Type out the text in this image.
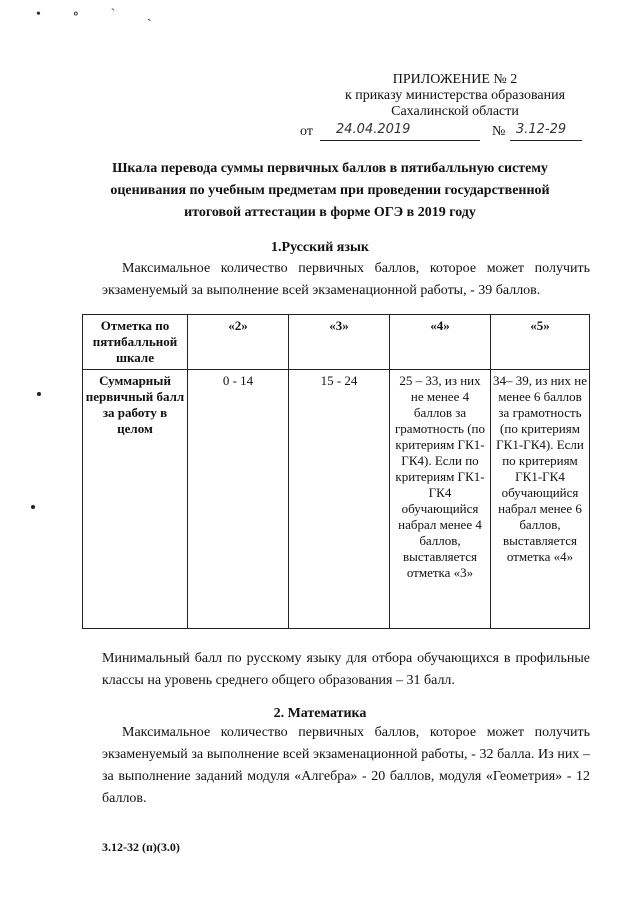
• ∘ ˋ ˏ
ПРИЛОЖЕНИЕ № 2
к приказу министерства образования
Сахалинской области
от 24.04.2019	№ 3.12-29
Шкала перевода суммы первичных баллов в пятибалльную систему
оценивания по учебным предметам при проведении государственной
итоговой аттестации в форме ОГЭ в 2019 году
1.Русский язык
Максимальное количество первичных баллов, которое может получить экзаменуемый за выполнение всей экзаменационной работы, - 39 баллов.
Отметка по пятибалльной шкале	«2»	«3»	«4»	«5»
Суммарный первичный балл за работу в целом	0 - 14	15 - 24	25 – 33, из них не менее 4 баллов за грамотность (по критериям ГК1-ГК4). Если по критериям ГК1-ГК4 обучающийся набрал менее 4 баллов, выставляется отметка «3»	34– 39, из них не менее 6 баллов за грамотность (по критериям ГК1-ГК4). Если по критериям ГК1-ГК4 обучающийся набрал менее 6 баллов, выставляется отметка «4»
Минимальный балл по русскому языку для отбора обучающихся в профильные классы на уровень среднего общего образования – 31 балл.
2. Математика
Максимальное количество первичных баллов, которое может получить экзаменуемый за выполнение всей экзаменационной работы, - 32 балла. Из них – за выполнение заданий модуля «Алгебра» - 20 баллов, модуля «Геометрия» - 12 баллов.
3.12-32 (п)(3.0)
